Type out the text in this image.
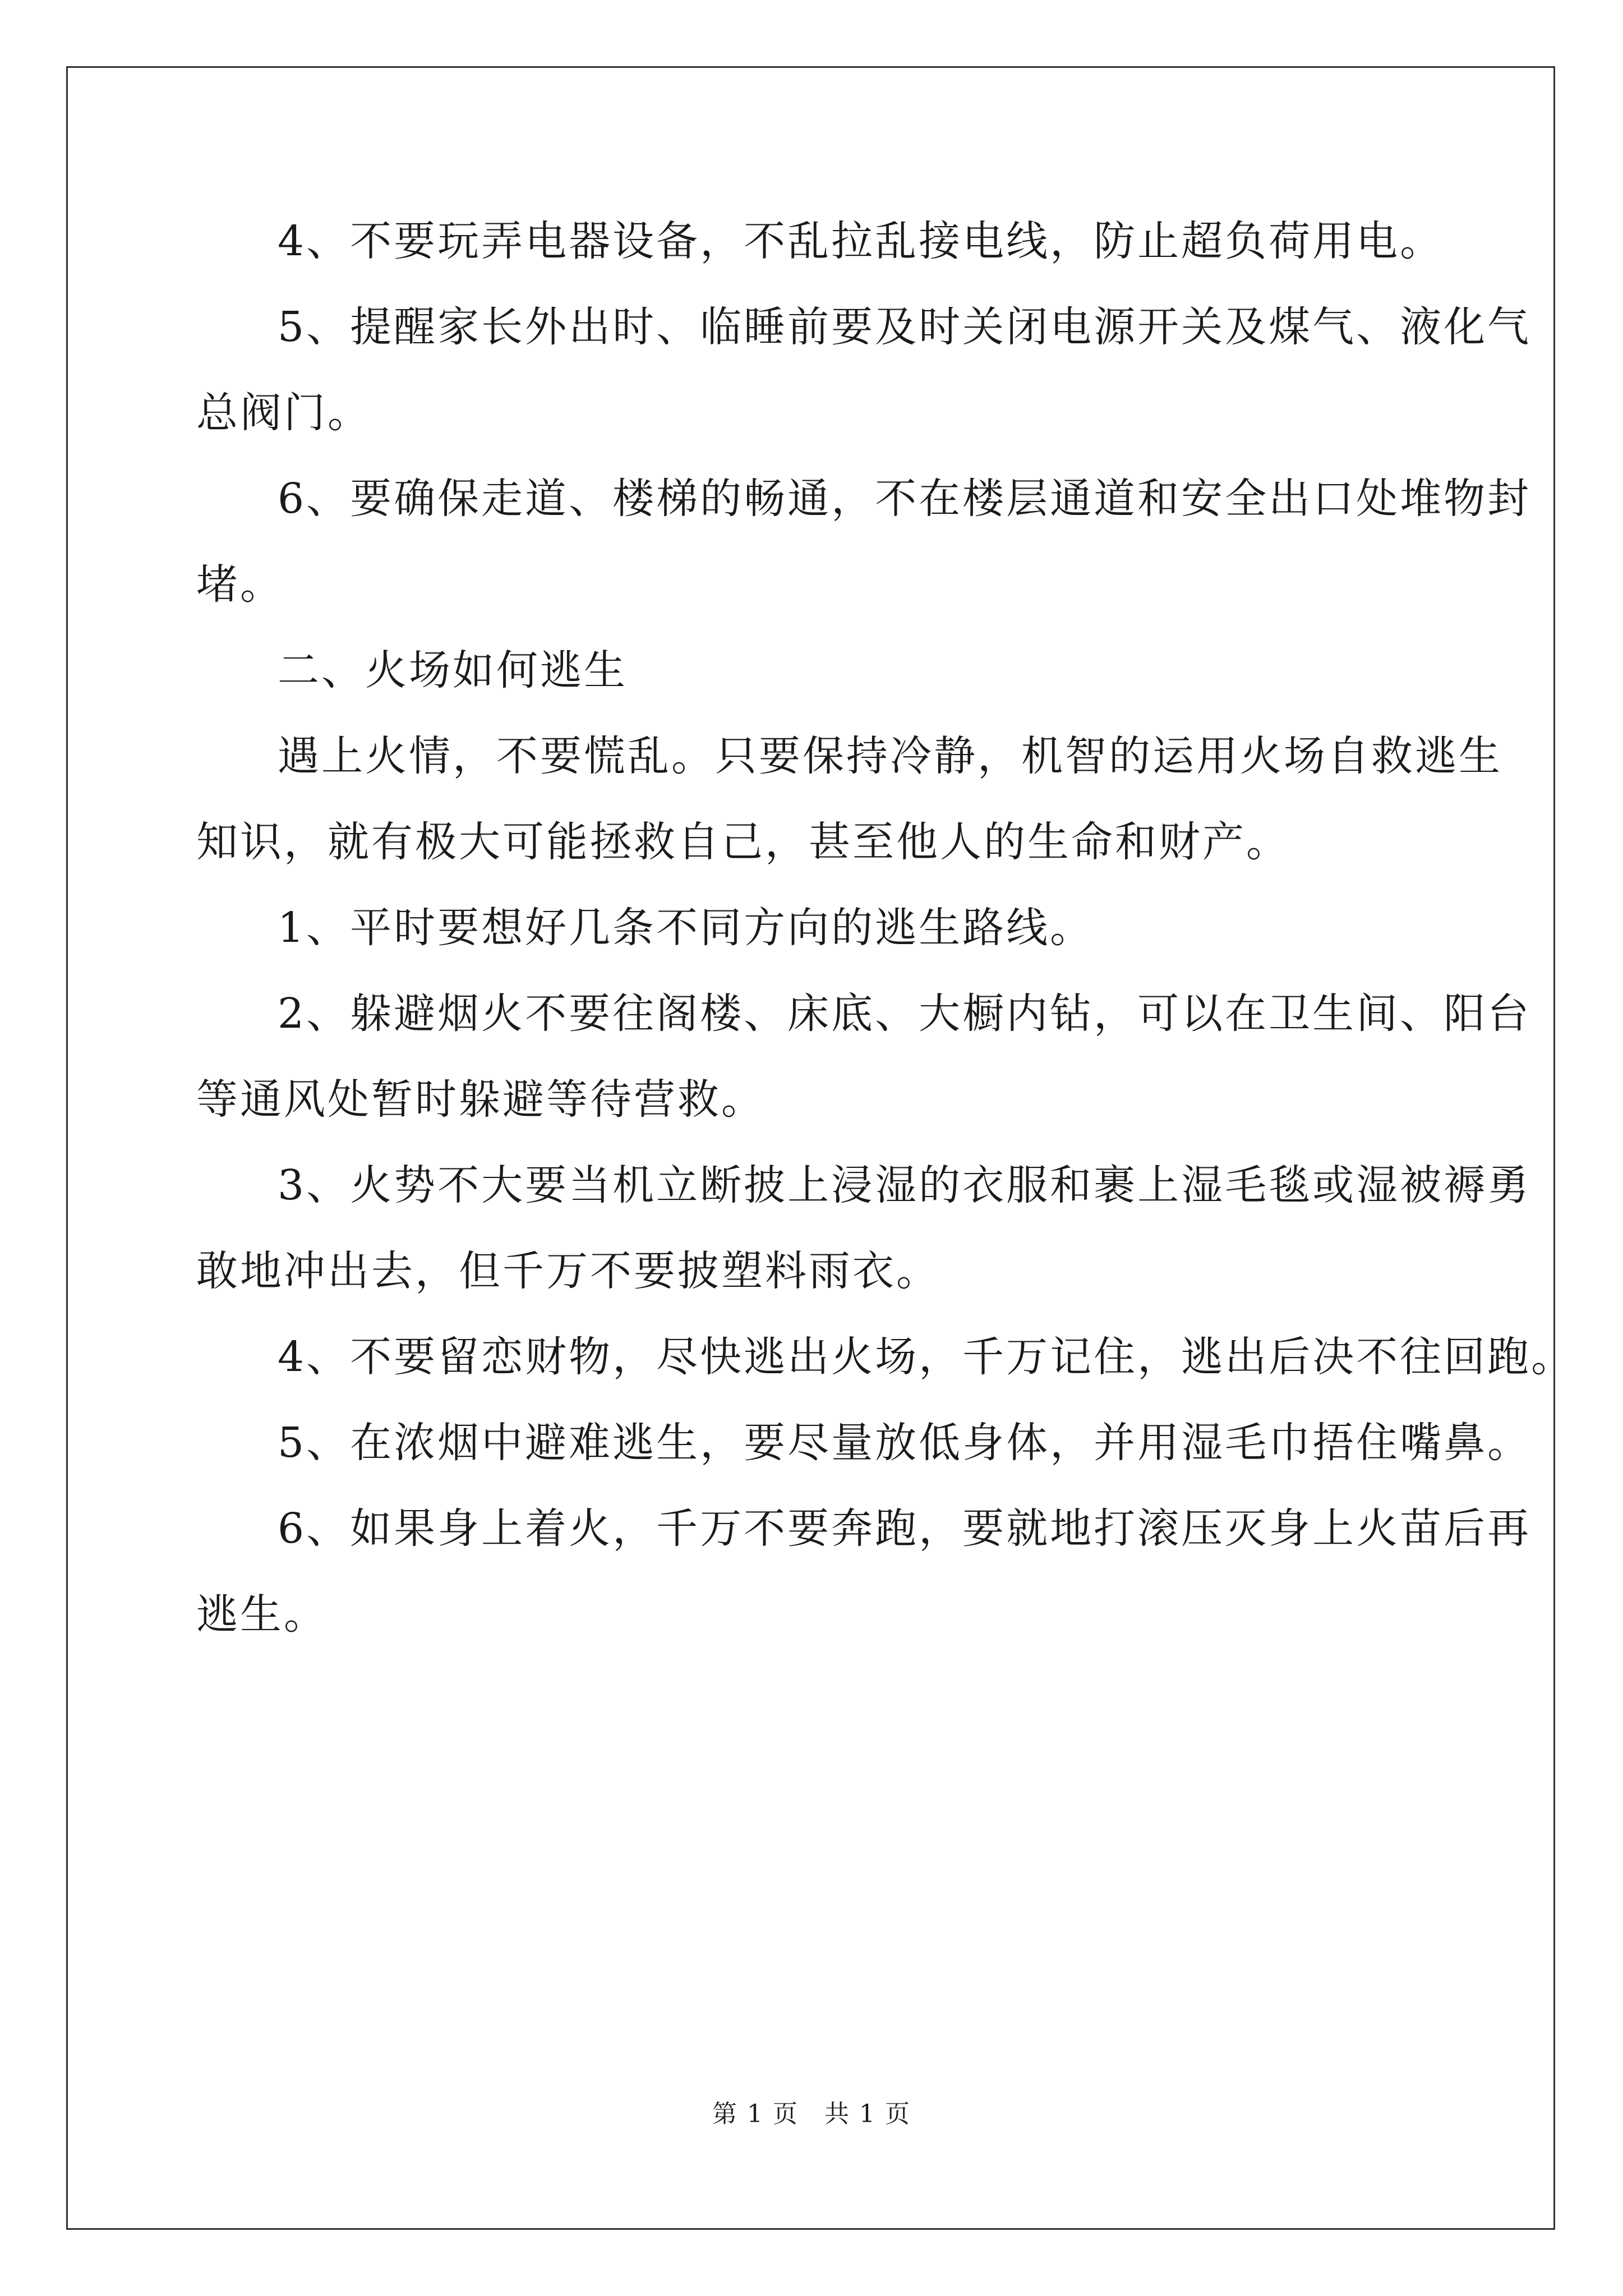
4、不要玩弄电器设备，不乱拉乱接电线，防止超负荷用电。
5、提醒家长外出时、临睡前要及时关闭电源开关及煤气、液化气
总阀门。
6、要确保走道、楼梯的畅通，不在楼层通道和安全出口处堆物封
堵。
二、火场如何逃生
遇上火情，不要慌乱。只要保持冷静，机智的运用火场自救逃生
知识，就有极大可能拯救自己，甚至他人的生命和财产。
1、平时要想好几条不同方向的逃生路线。
2、躲避烟火不要往阁楼、床底、大橱内钻，可以在卫生间、阳台
等通风处暂时躲避等待营救。
3、火势不大要当机立断披上浸湿的衣服和裹上湿毛毯或湿被褥勇
敢地冲出去，但千万不要披塑料雨衣。
4、不要留恋财物，尽快逃出火场，千万记住，逃出后决不往回跑。
5、在浓烟中避难逃生，要尽量放低身体，并用湿毛巾捂住嘴鼻。
6、如果身上着火，千万不要奔跑，要就地打滚压灭身上火苗后再
逃生。
第 1 页　共 1 页
